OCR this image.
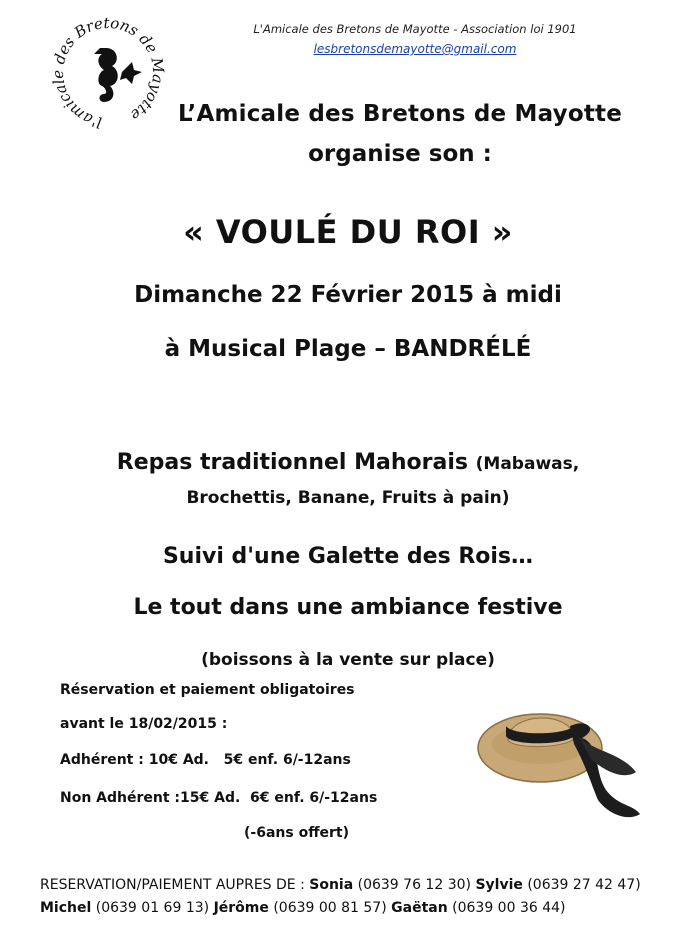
l'amicale des Bretons de Mayotte

L'Amicale des Bretons de Mayotte - Association loi 1901

lesbretonsdemayotte@gmail.com

L’Amicale des Bretons de Mayotte

organise son :

« VOULÉ DU ROI »

Dimanche 22 Février 2015 à midi

à Musical Plage – BANDRÉLÉ

Repas traditionnel Mahorais (Mabawas,

Brochettis, Banane, Fruits à pain)

Suivi d'une Galette des Rois…

Le tout dans une ambiance festive

(boissons à la vente sur place)

Réservation et paiement obligatoires

avant le 18/02/2015 :

Adhérent : 10€ Ad.   5€ enf. 6/-12ans

Non Adhérent :15€ Ad.  6€ enf. 6/-12ans

(-6ans offert)

RESERVATION/PAIEMENT AUPRES DE : Sonia (0639 76 12 30) Sylvie (0639 27 42 47) Michel (0639 01 69 13) Jérôme (0639 00 81 57) Gaëtan (0639 00 36 44)
